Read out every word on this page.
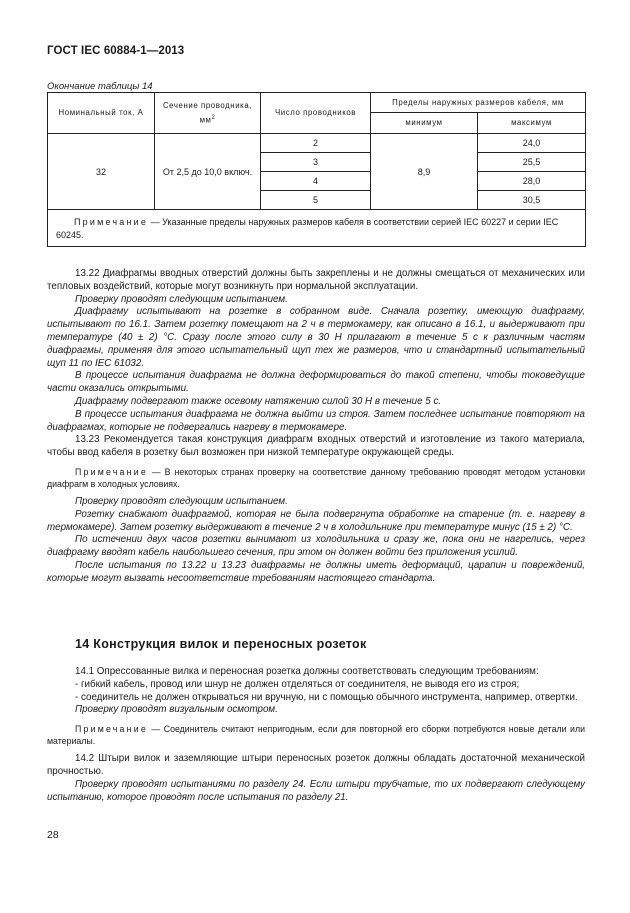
ГОСТ IEC 60884-1—2013
Окончание таблицы 14
Номинальный ток, А	Сечение проводника, $мм^2$	Число проводников	Пределы наружных размеров кабеля, мм	
			минимум	максимум
32	От 2,5 до 10,0 включ.	2	8,9	24,0
		3		25,5
		4		28,0
		5		30,5
Примечание — Указанные пределы наружных размеров кабеля в соответствии серией IEC 60227 и серии IEC 60245.				

13.22 Диафрагмы вводных отверстий должны быть закреплены и не должны смещаться от механических или тепловых воздействий, которые могут возникнуть при нормальной эксплуатации.

Проверку проводят следующим испытанием.

Диафрагму испытывают на розетке в собранном виде. Сначала розетку, имеющую диафрагму, испытывают по 16.1. Затем розетку помещают на 2 ч в термокамеру, как описано в 16.1, и выдерживают при температуре (40 ± 2) °C. Сразу после этого силу в 30 Н прилагают в течение 5 с к различным частям диафрагмы, применяя для этого испытательный щуп тех же размеров, что и стандартный испытательный щуп 11 по IEC 61032.

В процессе испытания диафрагма не должна деформироваться до такой степени, чтобы токоведущие части оказались открытыми.

Диафрагму подвергают также осевому натяжению силой 30 Н в течение 5 с.

В процессе испытания диафрагма не должна выйти из строя. Затем последнее испытание повторяют на диафрагмах, которые не подвергались нагреву в термокамере.

13.23 Рекомендуется такая конструкция диафрагм входных отверстий и изготовление из такого материала, чтобы ввод кабеля в розетку был возможен при низкой температуре окружающей среды.

Примечание — В некоторых странах проверку на соответствие данному требованию проводят методом установки диафрагм в холодных условиях.

Проверку проводят следующим испытанием.

Розетку снабжают диафрагмой, которая не была подвергнута обработке на старение (т. е. нагреву в термокамере). Затем розетку выдерживают в течение 2 ч в холодильнике при температуре минус (15 ± 2) °C.

По истечении двух часов розетки вынимают из холодильника и сразу же, пока они не нагрелись, через диафрагму вводят кабель наибольшего сечения, при этом он должен войти без приложения усилий.

После испытания по 13.22 и 13.23 диафрагмы не должны иметь деформаций, царапин и повреждений, которые могут вызвать несоответствие требованиям настоящего стандарта.

14 Конструкция вилок и переносных розеток

14.1 Опрессованные вилка и переносная розетка должны соответствовать следующим требованиям:

- гибкий кабель, провод или шнур не должен отделяться от соединителя, не выводя его из строя;

- соединитель не должен открываться ни вручную, ни с помощью обычного инструмента, например, отвертки.

Проверку проводят визуальным осмотром.

Примечание — Соединитель считают непригодным, если для повторной его сборки потребуются новые детали или материалы.

14.2 Штыри вилок и заземляющие штыри переносных розеток должны обладать достаточной механической прочностью.

Проверку проводят испытаниями по разделу 24. Если штыри трубчатые, то их подвергают следующему испытанию, которое проводят после испытания по разделу 21.

28
